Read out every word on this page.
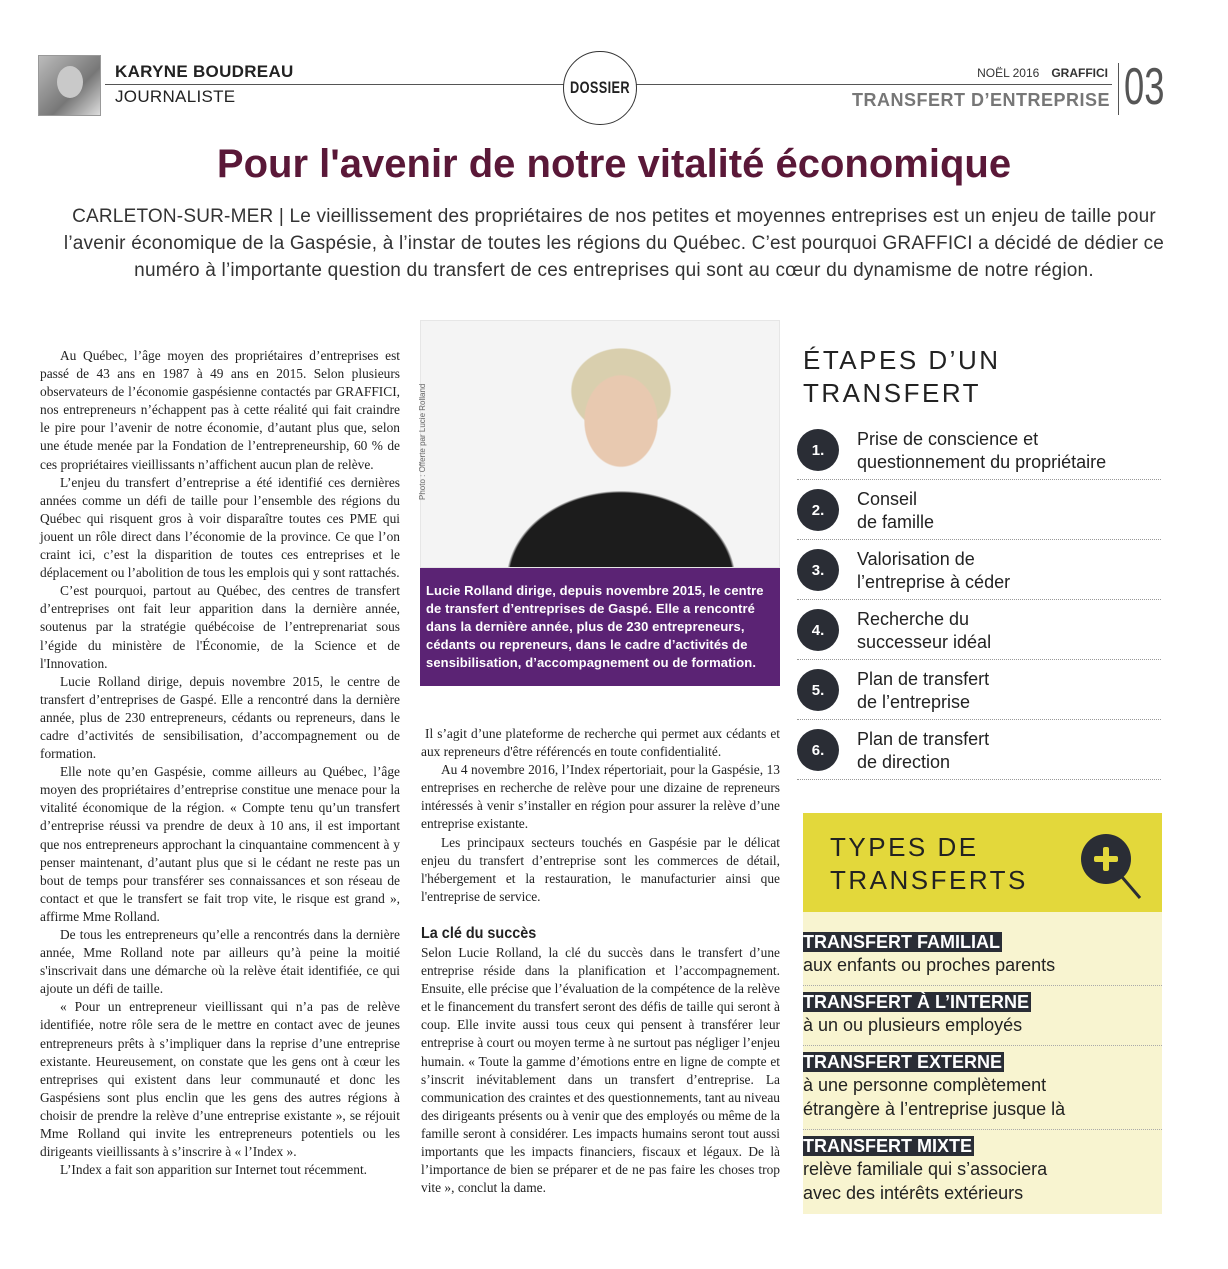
KARYNE BOUDREAU
JOURNALISTE	DOSSIER
NOËL 2016 GRAFFICI
TRANSFERT D’ENTREPRISE 03
Pour l'avenir de notre vitalité économique
CARLETON-SUR-MER | Le vieillissement des propriétaires de nos petites et moyennes entreprises est un enjeu de taille pour l’avenir économique de la Gaspésie, à l’instar de toutes les régions du Québec. C’est pourquoi GRAFFICI a décidé de dédier ce numéro à l’importante question du transfert de ces entreprises qui sont au cœur du dynamisme de notre région.

Au Québec, l’âge moyen des propriétaires d’entreprises est passé de 43 ans en 1987 à 49 ans en 2015. Selon plusieurs observateurs de l’économie gaspésienne contactés par GRAFFICI, nos entrepreneurs n’échappent pas à cette réalité qui fait craindre le pire pour l’avenir de notre économie, d’autant plus que, selon une étude menée par la Fondation de l’entrepreneurship, 60 % de ces propriétaires vieillissants n’affichent aucun plan de relève.

L’enjeu du transfert d’entreprise a été identifié ces dernières années comme un défi de taille pour l’ensemble des régions du Québec qui risquent gros à voir disparaître toutes ces PME qui jouent un rôle direct dans l’économie de la province. Ce que l’on craint ici, c’est la disparition de toutes ces entreprises et le déplacement ou l’abolition de tous les emplois qui y sont rattachés.

C’est pourquoi, partout au Québec, des centres de transfert d’entreprises ont fait leur apparition dans la dernière année, soutenus par la stratégie québécoise de l’entreprenariat sous l’égide du ministère de l'Économie, de la Science et de l'Innovation.

Lucie Rolland dirige, depuis novembre 2015, le centre de transfert d’entreprises de Gaspé. Elle a rencontré dans la dernière année, plus de 230 entrepreneurs, cédants ou repreneurs, dans le cadre d’activités de sensibilisation, d’accompagnement ou de formation.

Elle note qu’en Gaspésie, comme ailleurs au Québec, l’âge moyen des propriétaires d’entreprise constitue une menace pour la vitalité économique de la région. « Compte tenu qu’un transfert d’entreprise réussi va prendre de deux à 10 ans, il est important que nos entrepreneurs approchant la cinquantaine commencent à y penser maintenant, d’autant plus que si le cédant ne reste pas un bout de temps pour transférer ses connaissances et son réseau de contact et que le transfert se fait trop vite, le risque est grand », affirme Mme Rolland.

De tous les entrepreneurs qu’elle a rencontrés dans la dernière année, Mme Rolland note par ailleurs qu’à peine la moitié s'inscrivait dans une démarche où la relève était identifiée, ce qui ajoute un défi de taille.

« Pour un entrepreneur vieillissant qui n’a pas de relève identifiée, notre rôle sera de le mettre en contact avec de jeunes entrepreneurs prêts à s’impliquer dans la reprise d’une entreprise existante. Heureusement, on constate que les gens ont à cœur les entreprises qui existent dans leur communauté et donc les Gaspésiens sont plus enclin que les gens des autres régions à choisir de prendre la relève d’une entreprise existante », se réjouit Mme Rolland qui invite les entrepreneurs potentiels ou les dirigeants vieillissants à s’inscrire à « l’Index ».

L’Index a fait son apparition sur Internet tout récemment.

Photo : Offerte par Lucie Rolland
Lucie Rolland dirige, depuis novembre 2015, le centre de transfert d’entreprises de Gaspé. Elle a rencontré dans la dernière année, plus de 230 entrepreneurs, cédants ou repreneurs, dans le cadre d’activités de sensibilisation, d’accompagnement ou de formation.

Il s’agit d’une plateforme de recherche qui permet aux cédants et aux repreneurs d'être référencés en toute confidentialité.

Au 4 novembre 2016, l’Index répertoriait, pour la Gaspésie, 13 entreprises en recherche de relève pour une dizaine de repreneurs intéressés à venir s’installer en région pour assurer la relève d’une entreprise existante.

Les principaux secteurs touchés en Gaspésie par le délicat enjeu du transfert d’entreprise sont les commerces de détail, l'hébergement et la restauration, le manufacturier ainsi que l'entreprise de service.

La clé du succès

Selon Lucie Rolland, la clé du succès dans le transfert d’une entreprise réside dans la planification et l’accompagnement. Ensuite, elle précise que l’évaluation de la compétence de la relève et le financement du transfert seront des défis de taille qui seront à coup. Elle invite aussi tous ceux qui pensent à transférer leur entreprise à court ou moyen terme à ne surtout pas négliger l’enjeu humain. « Toute la gamme d’émotions entre en ligne de compte et s’inscrit inévitablement dans un transfert d’entreprise. La communication des craintes et des questionnements, tant au niveau des dirigeants présents ou à venir que des employés ou même de la famille seront à considérer. Les impacts humains seront tout aussi importants que les impacts financiers, fiscaux et légaux. De là l’importance de bien se préparer et de ne pas faire les choses trop vite », conclut la dame.

ÉTAPES D’UN
TRANSFERT
1.
Prise de conscience et
questionnement du propriétaire
2.
Conseil
de famille
3.
Valorisation de
l’entreprise à céder
4.
Recherche du
successeur idéal
5.
Plan de transfert
de l’entreprise
6.
Plan de transfert
de direction
TYPES DE
TRANSFERTS
TRANSFERT FAMILIAL
aux enfants ou proches parents
TRANSFERT À L’INTERNE
à un ou plusieurs employés
TRANSFERT EXTERNE
à une personne complètement
étrangère à l’entreprise jusque là
TRANSFERT MIXTE
relève familiale qui s’associera
avec des intérêts extérieurs
